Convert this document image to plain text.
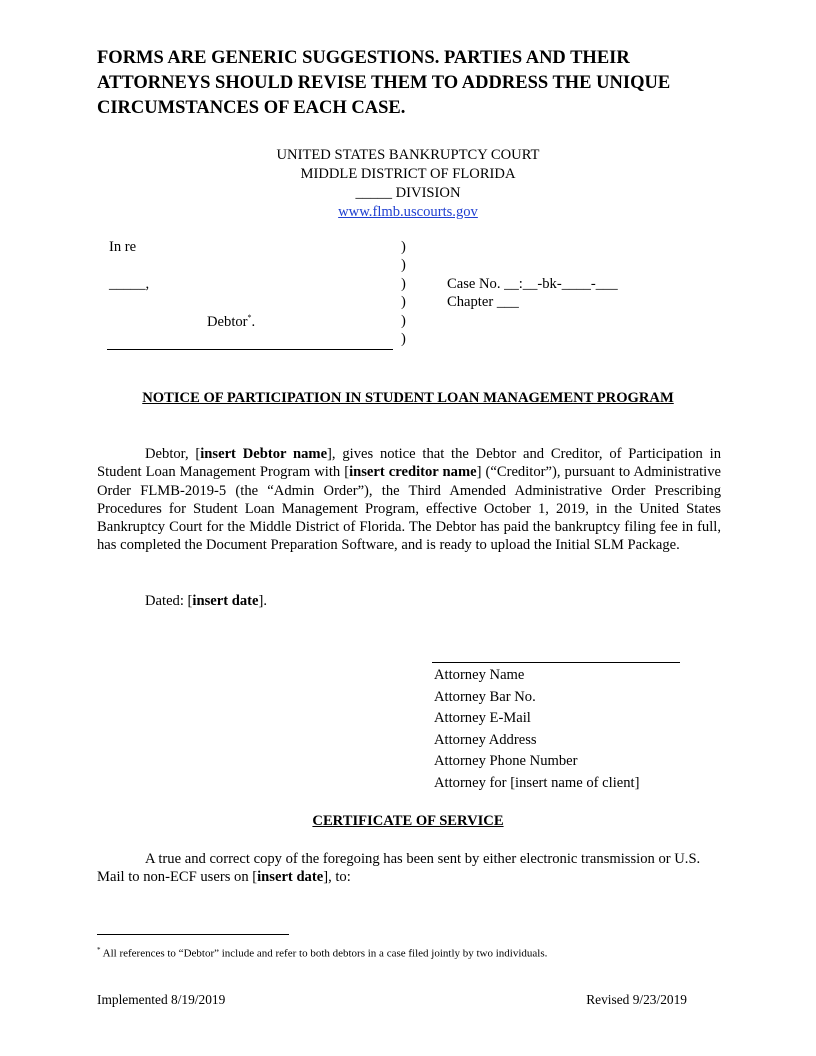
FORMS ARE GENERIC SUGGESTIONS. PARTIES AND THEIR ATTORNEYS SHOULD REVISE THEM TO ADDRESS THE UNIQUE CIRCUMSTANCES OF EACH CASE.
UNITED STATES BANKRUPTCY COURT
MIDDLE DISTRICT OF FLORIDA
_____ DIVISION
www.flmb.uscourts.gov
In re
_____,
Debtor*.
)
)
)
)
)
)
Case No. __:__-bk-____-___
Chapter ___
NOTICE OF PARTICIPATION IN STUDENT LOAN MANAGEMENT PROGRAM
Debtor, [insert Debtor name], gives notice that the Debtor and Creditor, of Participation in Student Loan Management Program with [insert creditor name] (“Creditor”), pursuant to Administrative Order FLMB-2019-5 (the “Admin Order”), the Third Amended Administrative Order Prescribing Procedures for Student Loan Management Program, effective October 1, 2019, in the United States Bankruptcy Court for the Middle District of Florida. The Debtor has paid the bankruptcy filing fee in full, has completed the Document Preparation Software, and is ready to upload the Initial SLM Package.
Dated: [insert date].
Attorney Name
Attorney Bar No.
Attorney E-Mail
Attorney Address
Attorney Phone Number
Attorney for [insert name of client]
CERTIFICATE OF SERVICE
A true and correct copy of the foregoing has been sent by either electronic transmission or U.S. Mail to non-ECF users on [insert date], to:
* All references to “Debtor” include and refer to both debtors in a case filed jointly by two individuals.
Implemented 8/19/2019	Revised 9/23/2019
